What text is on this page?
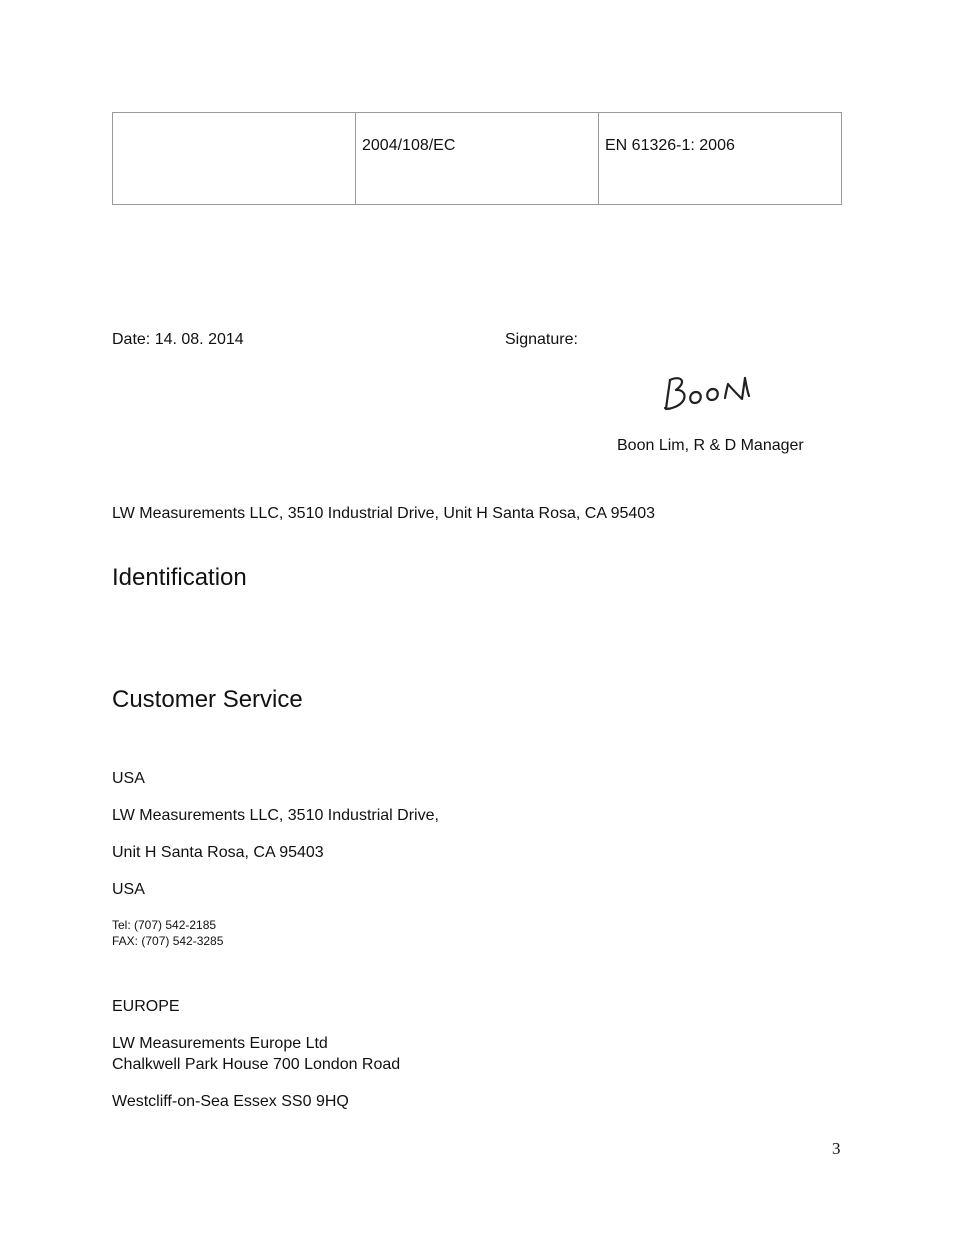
	2004/108/EC	EN 61326-1: 2006
Date: 14. 08. 2014	Signature:
Boon Lim, R & D Manager
LW Measurements LLC, 3510 Industrial Drive, Unit H Santa Rosa, CA 95403
Identification
Customer Service
USA
LW Measurements LLC, 3510 Industrial Drive,
Unit H Santa Rosa, CA 95403
USA
Tel: (707) 542-2185
FAX: (707) 542-3285
EUROPE
LW Measurements Europe Ltd
Chalkwell Park House 700 London Road
Westcliff-on-Sea Essex SS0 9HQ
3
